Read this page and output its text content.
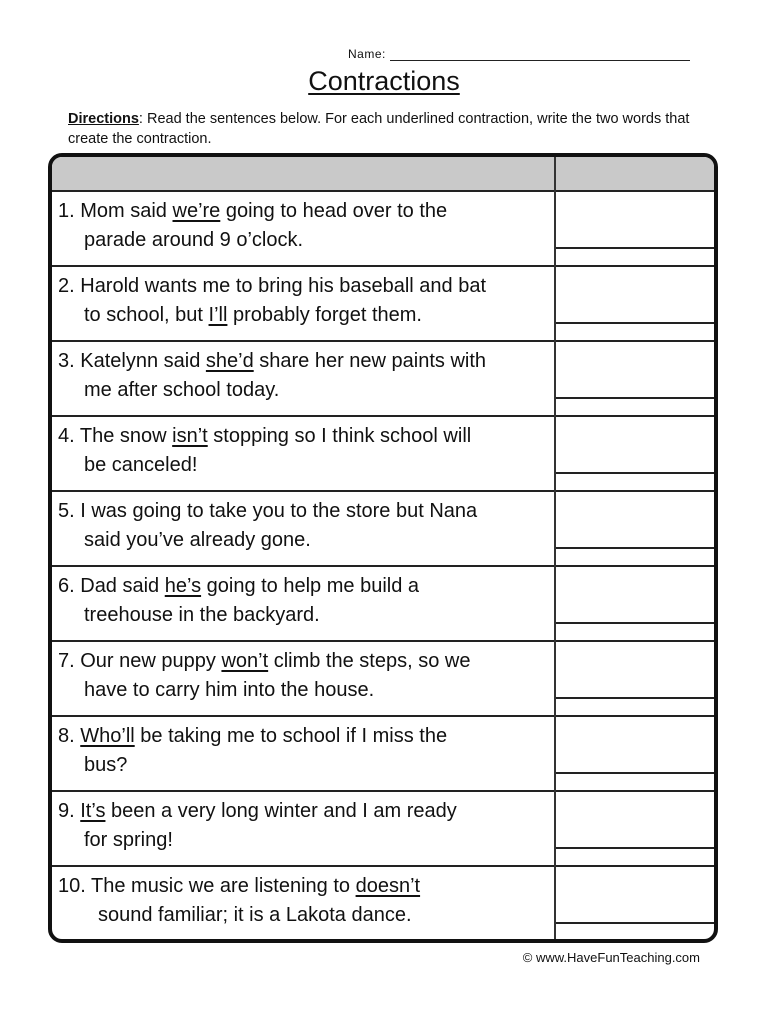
Name:
Contractions
Directions: Read the sentences below. For each underlined contraction, write the two words that create the contraction.
1. Mom said we’re going to head over to the
parade around 9 o’clock.
2. Harold wants me to bring his baseball and bat
to school, but I’ll probably forget them.
3. Katelynn said she’d share her new paints with
me after school today.
4. The snow isn’t stopping so I think school will
be canceled!
5. I was going to take you to the store but Nana
said you’ve already gone.
6. Dad said he’s going to help me build a
treehouse in the backyard.
7. Our new puppy won’t climb the steps, so we
have to carry him into the house.
8. Who’ll be taking me to school if I miss the
bus?
9. It’s been a very long winter and I am ready
for spring!
10. The music we are listening to doesn’t
sound familiar; it is a Lakota dance.
© www.HaveFunTeaching.com
